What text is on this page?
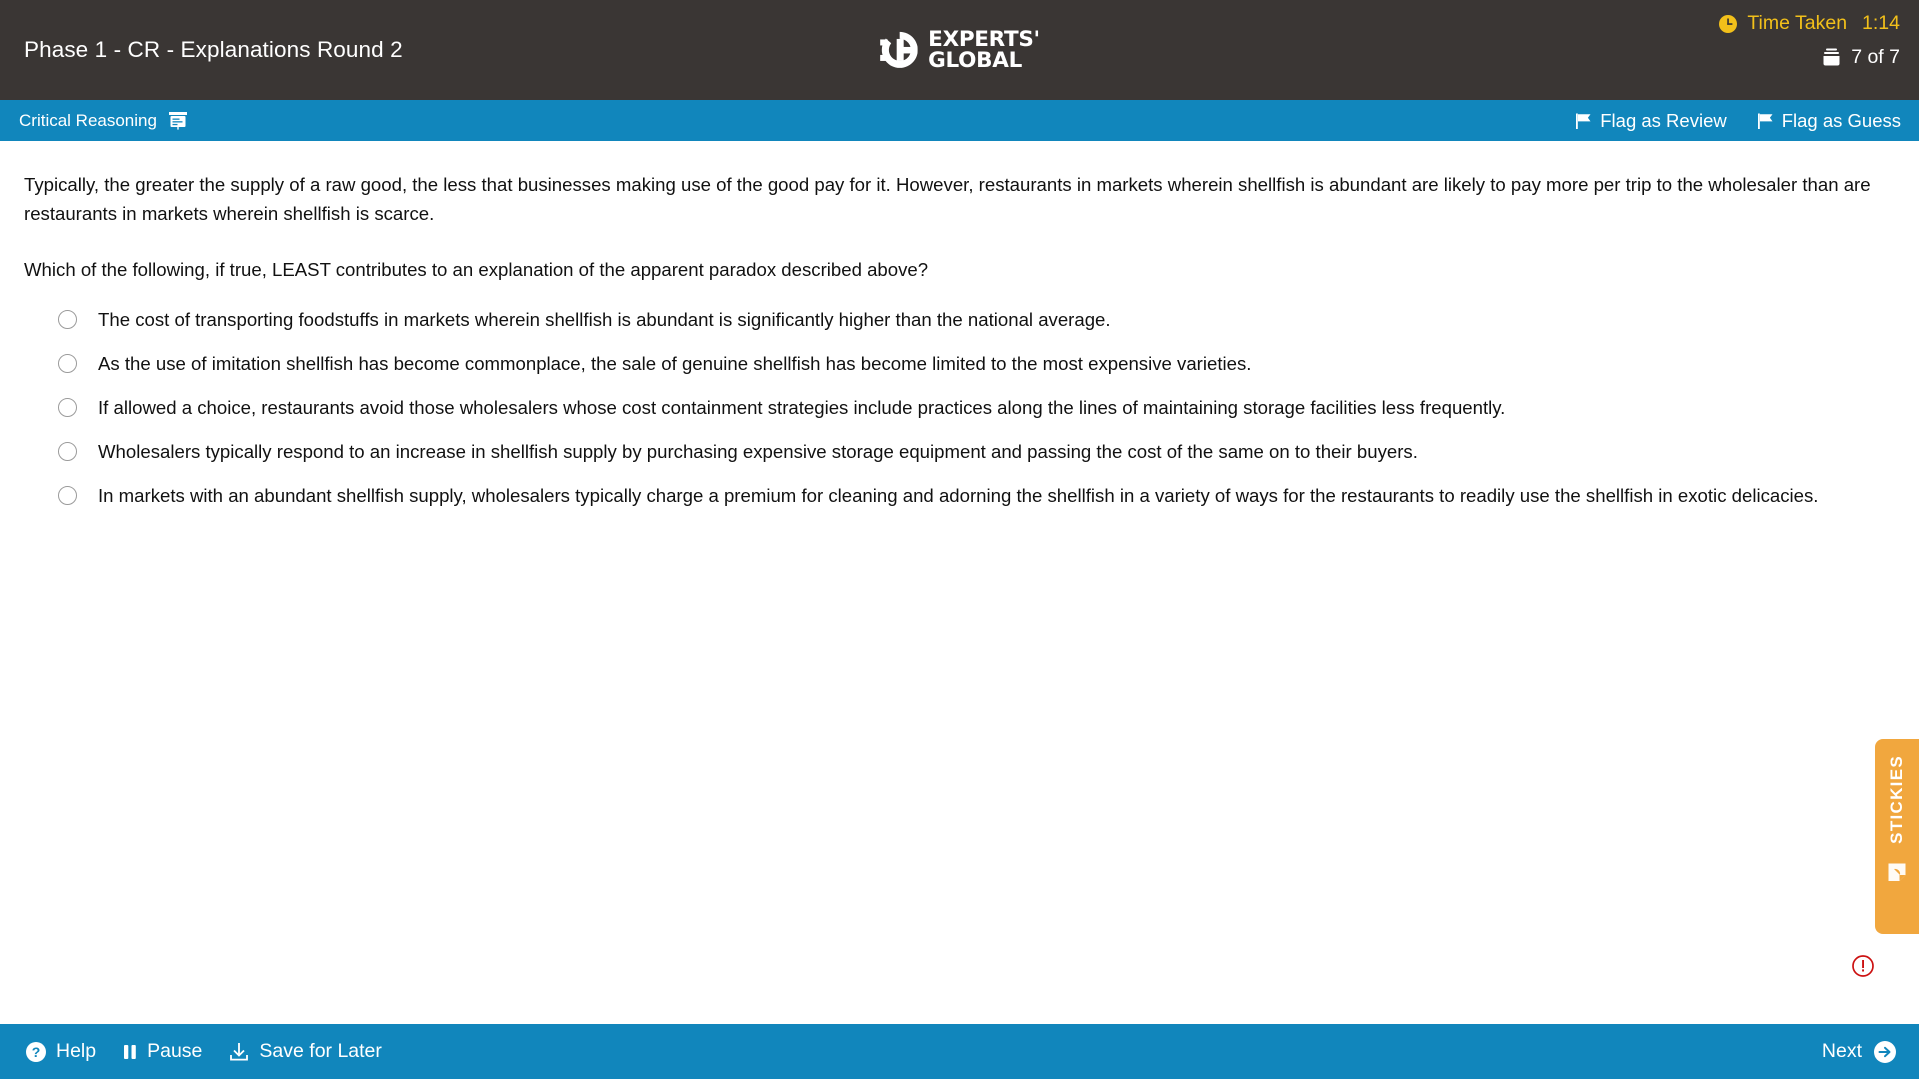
Phase 1 - CR - Explanations Round 2	EXPERTS'
GLOBAL
Time Taken 1:14
7 of 7
Critical Reasoning	Flag as Review	Flag as Guess
Typically, the greater the supply of a raw good, the less that businesses making use of the good pay for it. However, restaurants in markets wherein shellfish is abundant are likely to pay more per trip to the wholesaler than are restaurants in markets wherein shellfish is scarce.
Which of the following, if true, LEAST contributes to an explanation of the apparent paradox described above?
The cost of transporting foodstuffs in markets wherein shellfish is abundant is significantly higher than the national average.
As the use of imitation shellfish has become commonplace, the sale of genuine shellfish has become limited to the most expensive varieties.
If allowed a choice, restaurants avoid those wholesalers whose cost containment strategies include practices along the lines of maintaining storage facilities less frequently.
Wholesalers typically respond to an increase in shellfish supply by purchasing expensive storage equipment and passing the cost of the same on to their buyers.
In markets with an abundant shellfish supply, wholesalers typically charge a premium for cleaning and adorning the shellfish in a variety of ways for the restaurants to readily use the shellfish in exotic delicacies.
STICKIES
? Help	Pause	Save for Later	Next
